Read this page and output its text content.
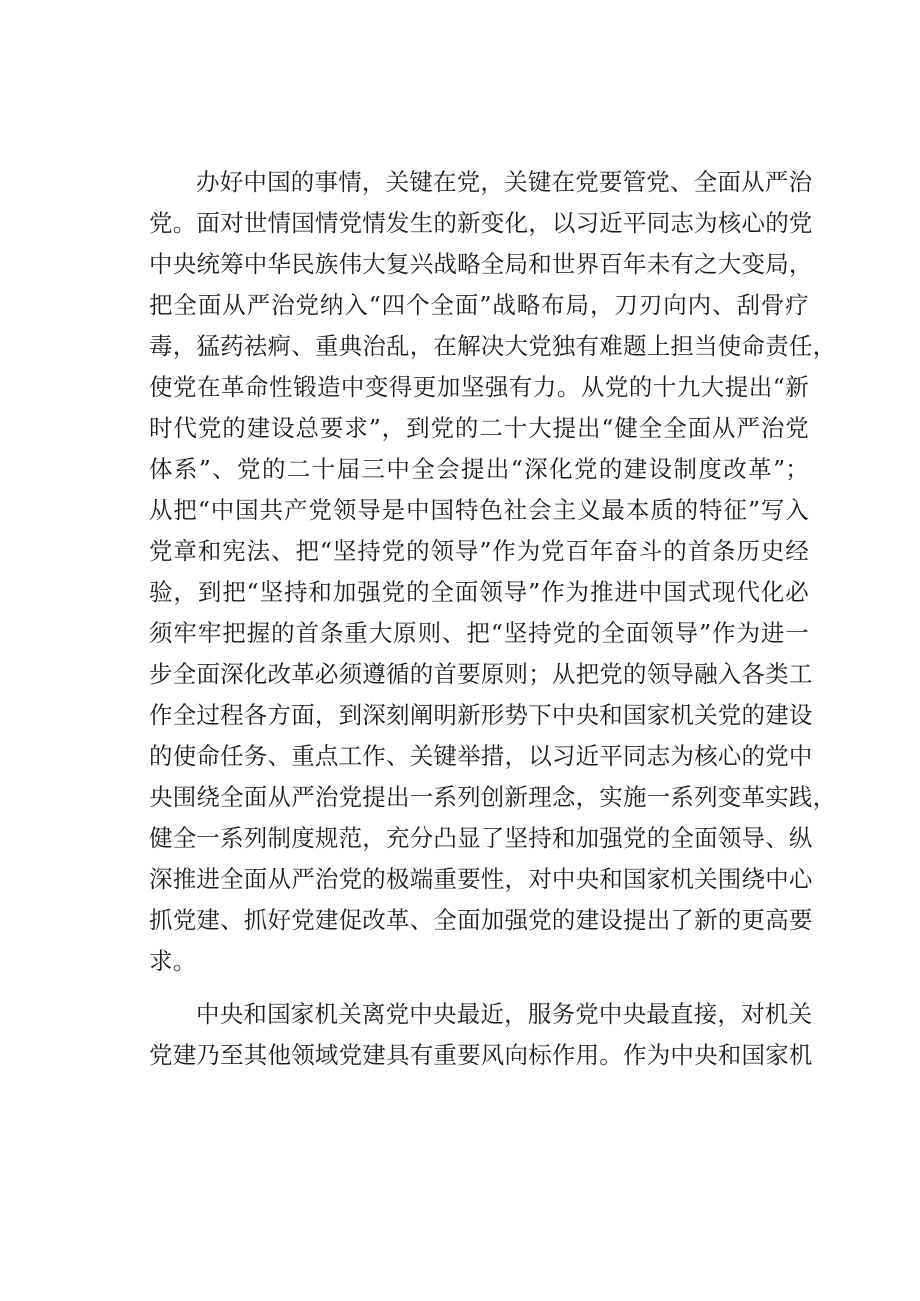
办好中国的事情，关键在党，关键在党要管党、全面从严治
党。面对世情国情党情发生的新变化，以习近平同志为核心的党
中央统筹中华民族伟大复兴战略全局和世界百年未有之大变局，
把全面从严治党纳入“四个全面”战略布局，刀刃向内、刮骨疗
毒，猛药祛痾、重典治乱，在解决大党独有难题上担当使命责任，
使党在革命性锻造中变得更加坚强有力。从党的十九大提出“新
时代党的建设总要求”，到党的二十大提出“健全全面从严治党
体系”、党的二十届三中全会提出“深化党的建设制度改革”；
从把“中国共产党领导是中国特色社会主义最本质的特征”写入
党章和宪法、把“坚持党的领导”作为党百年奋斗的首条历史经
验，到把“坚持和加强党的全面领导”作为推进中国式现代化必
须牢牢把握的首条重大原则、把“坚持党的全面领导”作为进一
步全面深化改革必须遵循的首要原则；从把党的领导融入各类工
作全过程各方面，到深刻阐明新形势下中央和国家机关党的建设
的使命任务、重点工作、关键举措，以习近平同志为核心的党中
央围绕全面从严治党提出一系列创新理念，实施一系列变革实践，
健全一系列制度规范，充分凸显了坚持和加强党的全面领导、纵
深推进全面从严治党的极端重要性，对中央和国家机关围绕中心
抓党建、抓好党建促改革、全面加强党的建设提出了新的更高要
求。
中央和国家机关离党中央最近，服务党中央最直接，对机关
党建乃至其他领域党建具有重要风向标作用。作为中央和国家机
